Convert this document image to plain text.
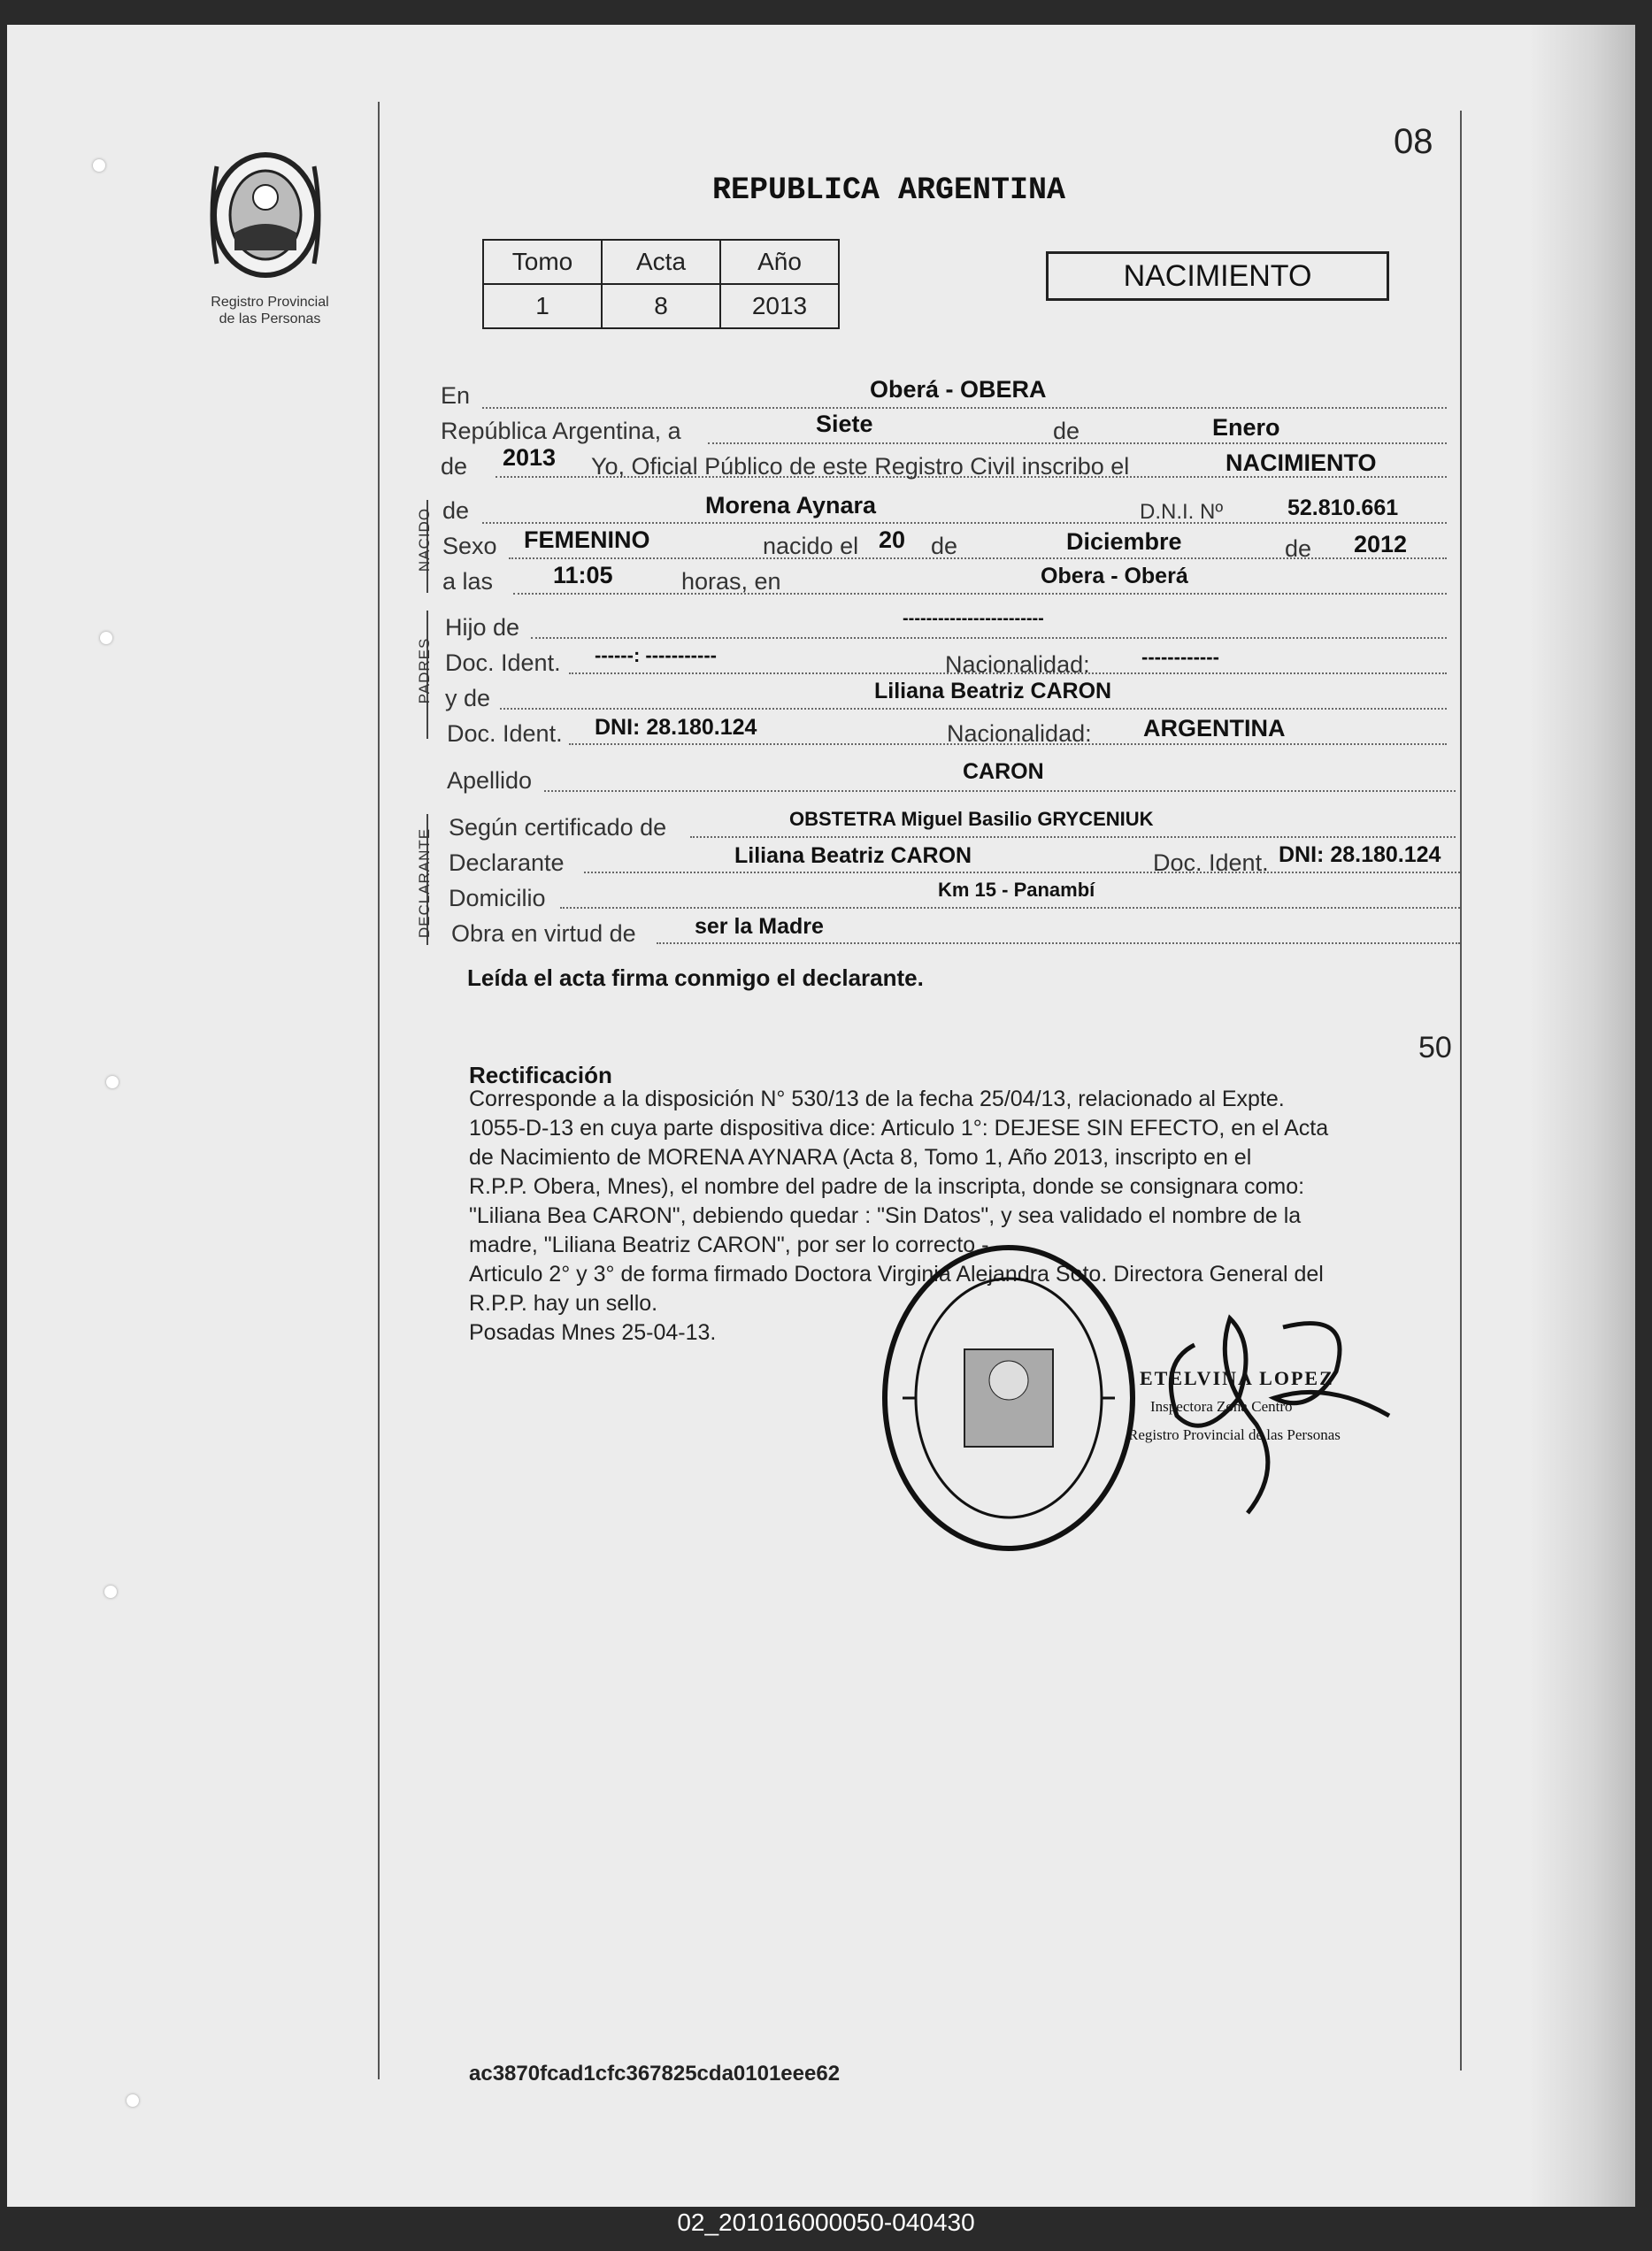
Registro Provincial
de las Personas
08
REPUBLICA ARGENTINA
Tomo	Acta	Año
1	8	2013
NACIMIENTO
NACIDO
PADRES
DECLARANTE
En	Oberá - OBERA
República Argentina, a	Siete	de	Enero
de 2013 Yo, Oficial Público de este Registro Civil inscribo el	NACIMIENTO
de	Morena Aynara	D.N.I. Nº	52.810.661
Sexo FEMENINO	nacido el 20 de	Diciembre	de 2012
a las	11:05	horas, en	Obera - Oberá
Hijo de	------------------------
Doc. Ident. ------: -----------	Nacionalidad:	------------
y de	Liliana Beatriz CARON
Doc. Ident. DNI: 28.180.124	Nacionalidad: ARGENTINA
Apellido	CARON
Según certificado de	OBSTETRA Miguel Basilio GRYCENIUK
Declarante	Liliana Beatriz CARON	Doc. Ident. DNI: 28.180.124
Domicilio	Km 15 - Panambí
Obra en virtud de	ser la Madre
Leída el acta firma conmigo el declarante.
50
Rectificación
Corresponde a la disposición N° 530/13 de la fecha 25/04/13, relacionado al Expte.
1055-D-13 en cuya parte dispositiva dice: Articulo 1°: DEJESE SIN EFECTO, en el Acta
de Nacimiento de MORENA AYNARA (Acta 8, Tomo 1, Año 2013, inscripto en el
R.P.P. Obera, Mnes), el nombre del padre de la inscripta, donde se consignara como:
"Liliana Bea CARON", debiendo quedar : "Sin Datos", y sea validado el nombre de la
madre, "Liliana Beatriz CARON", por ser lo correcto.-
Articulo 2° y 3° de forma firmado Doctora Virginia Alejandra Soto. Directora General del
R.P.P. hay un sello.
Posadas Mnes 25-04-13.
ETELVINA LOPEZ
Inspectora Zona Centro
Registro Provincial de las Personas
ac3870fcad1cfc367825cda0101eee62
02_201016000050-040430
